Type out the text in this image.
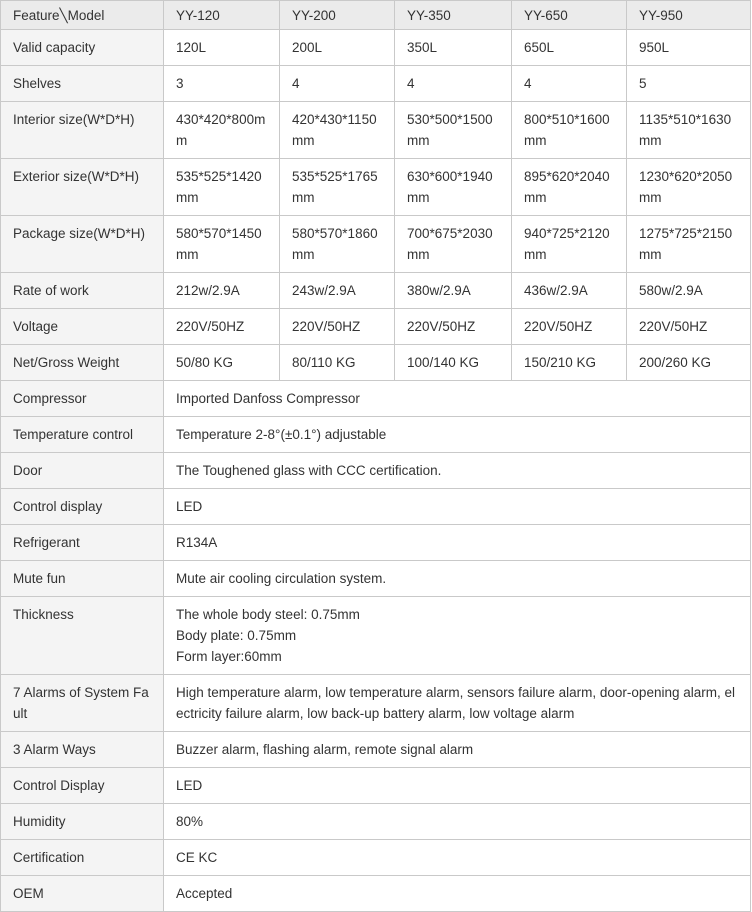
Feature╲Model	YY-120	YY-200	YY-350	YY-650	YY-950
Valid capacity	120L	200L	350L	650L	950L
Shelves	3	4	4	4	5
Interior size(W*D*H)	430*420*800mm	420*430*1150 mm	530*500*1500 mm	800*510*1600 mm	1135*510*1630 mm
Exterior size(W*D*H)	535*525*1420 mm	535*525*1765 mm	630*600*1940 mm	895*620*2040 mm	1230*620*2050 mm
Package size(W*D*H)	580*570*1450 mm	580*570*1860 mm	700*675*2030 mm	940*725*2120 mm	1275*725*2150 mm
Rate of work	212w/2.9A	243w/2.9A	380w/2.9A	436w/2.9A	580w/2.9A
Voltage	220V/50HZ	220V/50HZ	220V/50HZ	220V/50HZ	220V/50HZ
Net/Gross Weight	50/80 KG	80/110 KG	100/140 KG	150/210 KG	200/260 KG
Compressor	Imported Danfoss Compressor				

Temperature control	Temperature 2-8°(±0.1°) adjustable				
Door	The Toughened glass with CCC certification.				
Control display	LED				
Refrigerant	R134A				
Mute fun	Mute air cooling circulation system.				
Thickness	The whole body steel: 0.75mm
Body plate: 0.75mm
Form layer:60mm				

7 Alarms of System Fault	High temperature alarm, low temperature alarm, sensors failure alarm, door-opening alarm, electricity failure alarm, low back-up battery alarm, low voltage alarm				
3 Alarm Ways	Buzzer alarm, flashing alarm, remote signal alarm				
Control Display	LED				
Humidity	80%				
Certification	CE KC				
OEM	Accepted				
